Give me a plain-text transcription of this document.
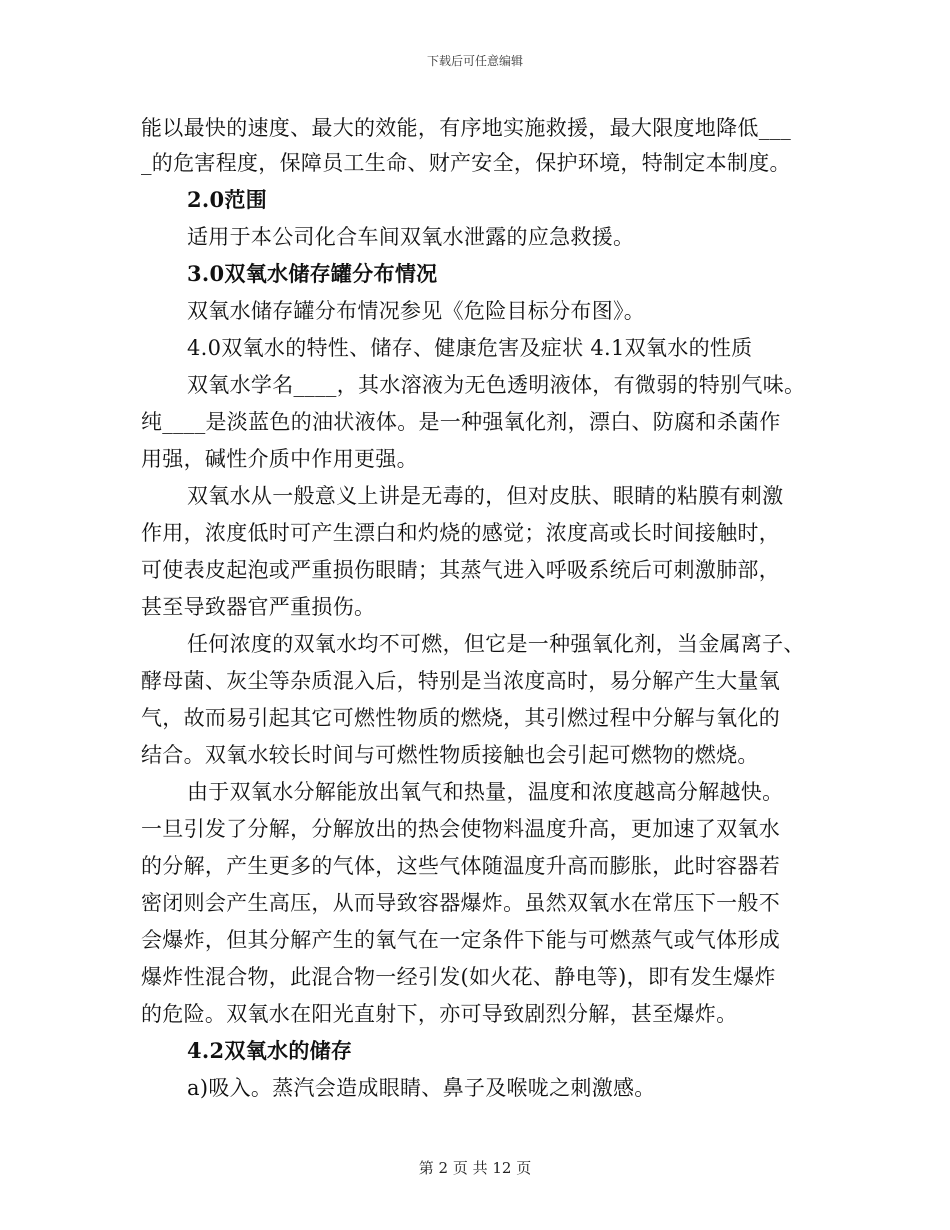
下载后可任意编辑
能以最快的速度、最大的效能，有序地实施救援，最大限度地降低___
_的危害程度，保障员工生命、财产安全，保护环境，特制定本制度。
2.0范围
适用于本公司化合车间双氧水泄露的应急救援。
3.0双氧水储存罐分布情况
双氧水储存罐分布情况参见《危险目标分布图》。
4.0双氧水的特性、储存、健康危害及症状 4.1双氧水的性质
双氧水学名____，其水溶液为无色透明液体，有微弱的特别气味。
纯____是淡蓝色的油状液体。是一种强氧化剂，漂白、防腐和杀菌作
用强，碱性介质中作用更强。
双氧水从一般意义上讲是无毒的，但对皮肤、眼睛的粘膜有刺激
作用，浓度低时可产生漂白和灼烧的感觉；浓度高或长时间接触时，
可使表皮起泡或严重损伤眼睛；其蒸气进入呼吸系统后可刺激肺部，
甚至导致器官严重损伤。
任何浓度的双氧水均不可燃，但它是一种强氧化剂，当金属离子、
酵母菌、灰尘等杂质混入后，特别是当浓度高时，易分解产生大量氧
气，故而易引起其它可燃性物质的燃烧，其引燃过程中分解与氧化的
结合。双氧水较长时间与可燃性物质接触也会引起可燃物的燃烧。
由于双氧水分解能放出氧气和热量，温度和浓度越高分解越快。
一旦引发了分解，分解放出的热会使物料温度升高，更加速了双氧水
的分解，产生更多的气体，这些气体随温度升高而膨胀，此时容器若
密闭则会产生高压，从而导致容器爆炸。虽然双氧水在常压下一般不
会爆炸，但其分解产生的氧气在一定条件下能与可燃蒸气或气体形成
爆炸性混合物，此混合物一经引发(如火花、静电等)，即有发生爆炸
的危险。双氧水在阳光直射下，亦可导致剧烈分解，甚至爆炸。
4.2双氧水的储存
a)吸入。蒸汽会造成眼睛、鼻子及喉咙之刺激感。
第 2 页 共 12 页
